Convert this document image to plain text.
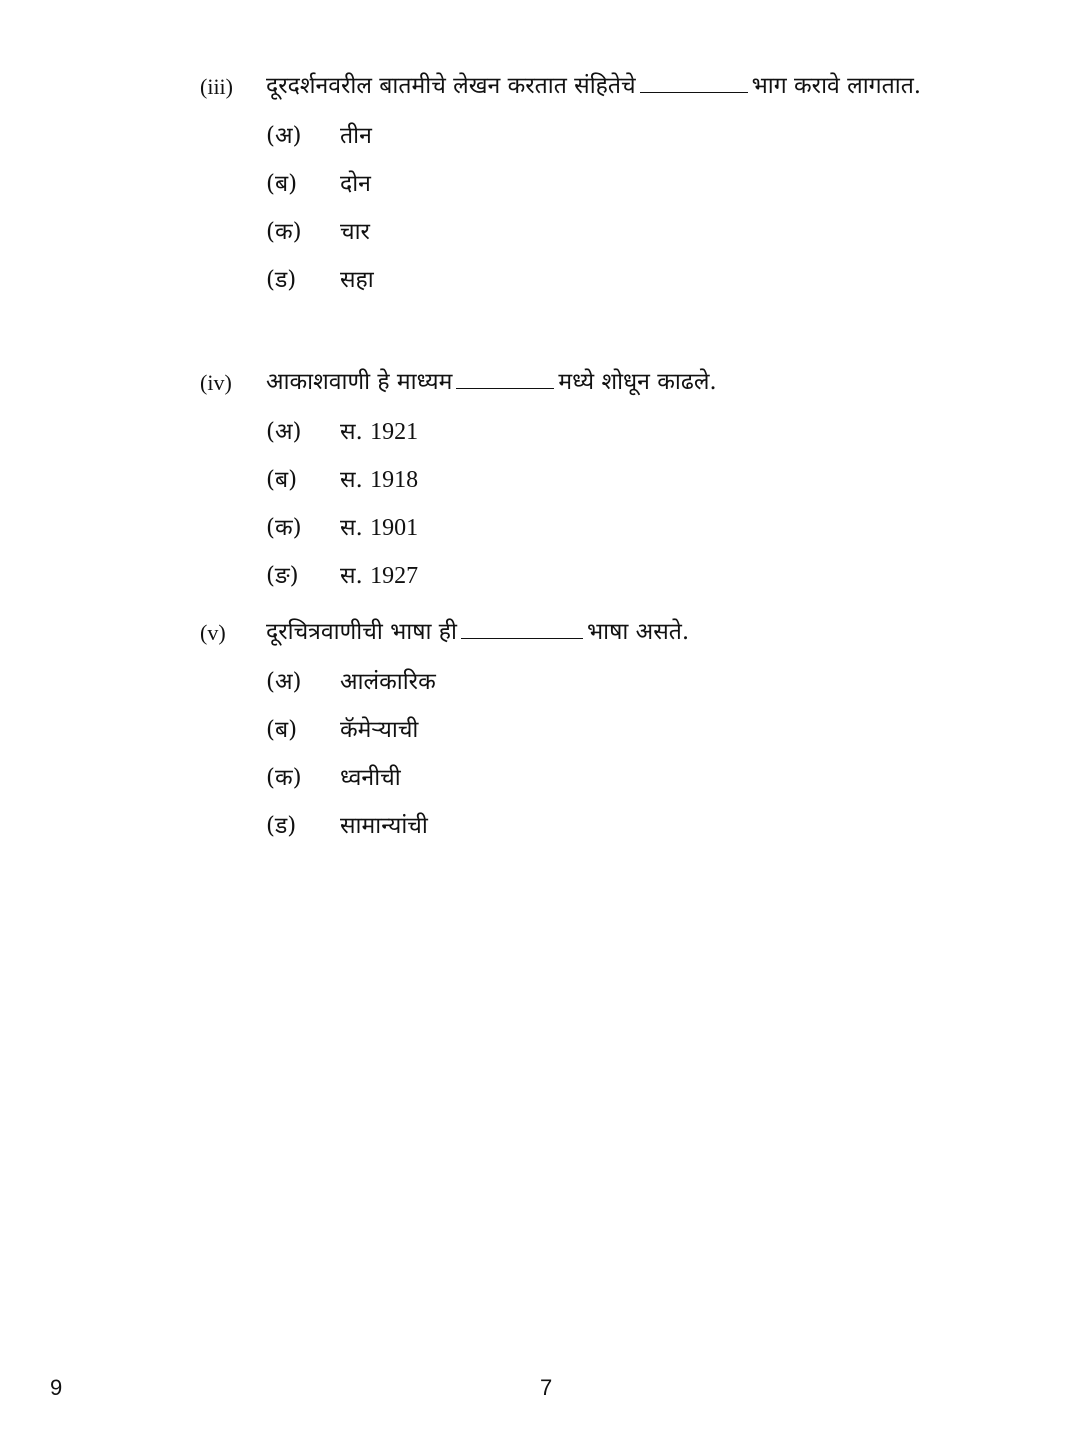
(iii)	दूरदर्शनवरील बातमीचे लेखन करतात संहितेचे	भाग करावे लागतात.
(अ)	तीन
(ब)	दोन
(क)	चार
(ड)	सहा
(iv)	आकाशवाणी हे माध्यम	मध्ये शोधून काढले.
(अ)	स. 1921
(ब)	स. 1918
(क)	स. 1901
(ङ)	स. 1927
(v)	दूरचित्रवाणीची भाषा ही	भाषा असते.
(अ)	आलंकारिक
(ब)	कॅमेऱ्याची
(क)	ध्वनीची
(ड)	सामान्यांची
9	7
